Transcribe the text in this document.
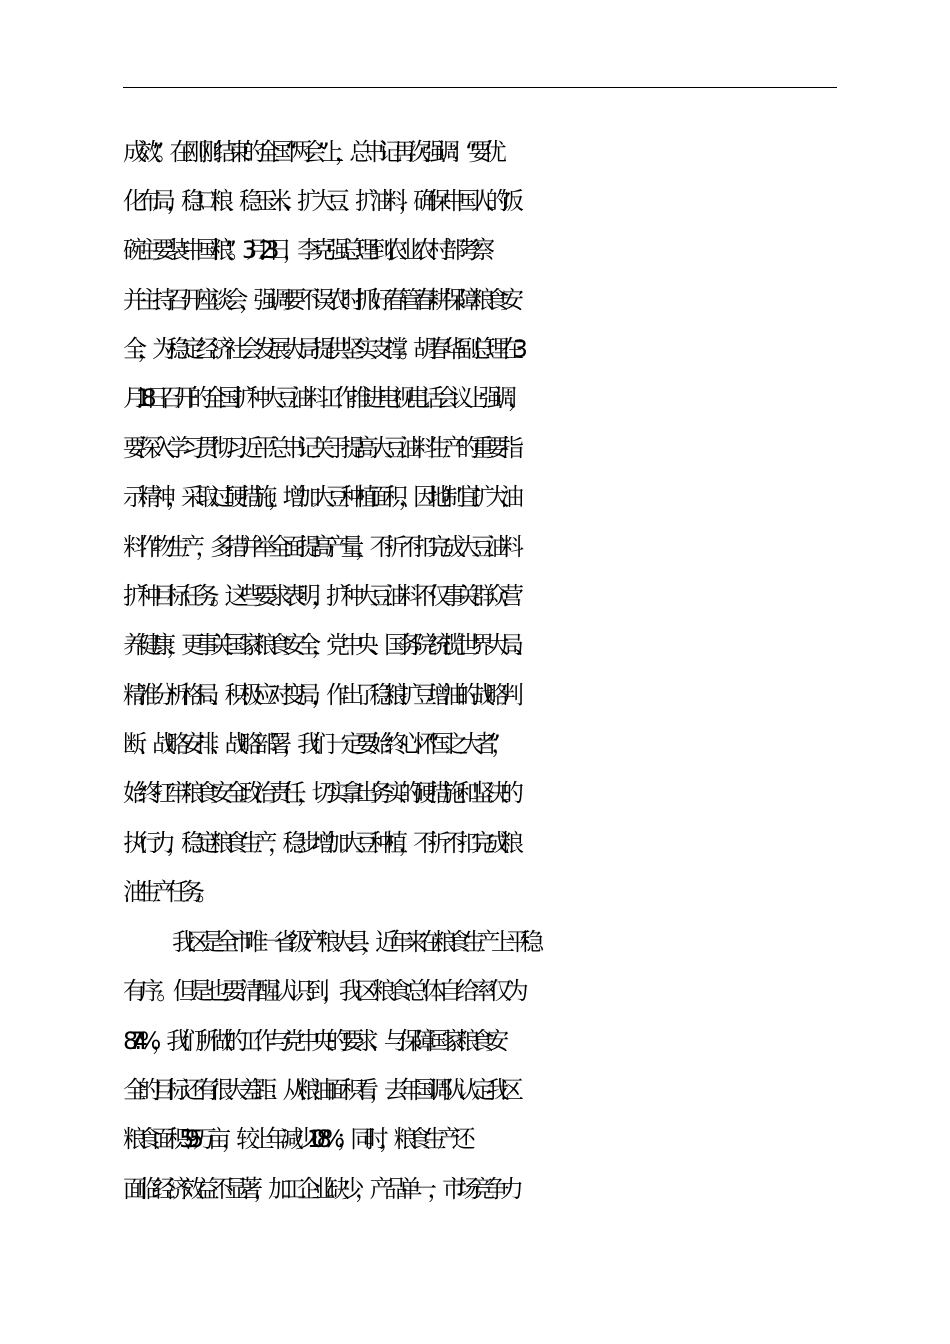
成效”。在刚刚结束的全国“两会”上，总书记再次强调：“要优
化布局，稳口粮、稳玉米、扩大豆、扩油料，确保中国人的饭
碗主要装中国粮”。3 月 23 日，李克强总理到农业农村部考察
并主持召开座谈会，强调要不误农时抓好春管春耕保障粮食安
全，为稳定经济社会发展大局提供坚实支撑。胡春华副总理在 3
月 18 日召开的全国扩种大豆油料工作推进电视电话会议上强调，
要深入学习贯彻习近平总书记关于提高大豆油料生产的重要指
示精神，采取过硬措施，增加大豆种植面积，因地制宜扩大油
料作物生产，多措并举全面提高产量，不折不扣完成大豆油料
扩种目标任务。这些要求表明，扩种大豆油料不仅事关群众营
养健康，更事关国家粮食安全，党中央、国务院统揽世界大局、
精准分析格局、积极应对变局，作出了稳粮扩豆增油的战略判
断、战略安排、战略部署，我们一定要始终心怀“国之大者”，
始终扛牢粮食安全政治责任，切实拿出务实的硬措施和坚决的
执行力，稳定粮食生产，稳步增加大豆种植，不折不扣完成粮
油生产任务。
我区是全市唯一省级产粮大县，近年来在粮食生产上平稳
有序。但是也要清醒认识到，我区粮食总体自给率仅为
87.4%，我们所做的工作与党中央的要求、与保障国家粮食安
全的目标还有很大差距：从粮油面积看，去年国调队认定我区
粮食面积 59.5 万亩，较上年减少 1.08%；同时，粮食生产还
面临经济效益不显著，加工企业缺少，产品单一，市场竞争力
